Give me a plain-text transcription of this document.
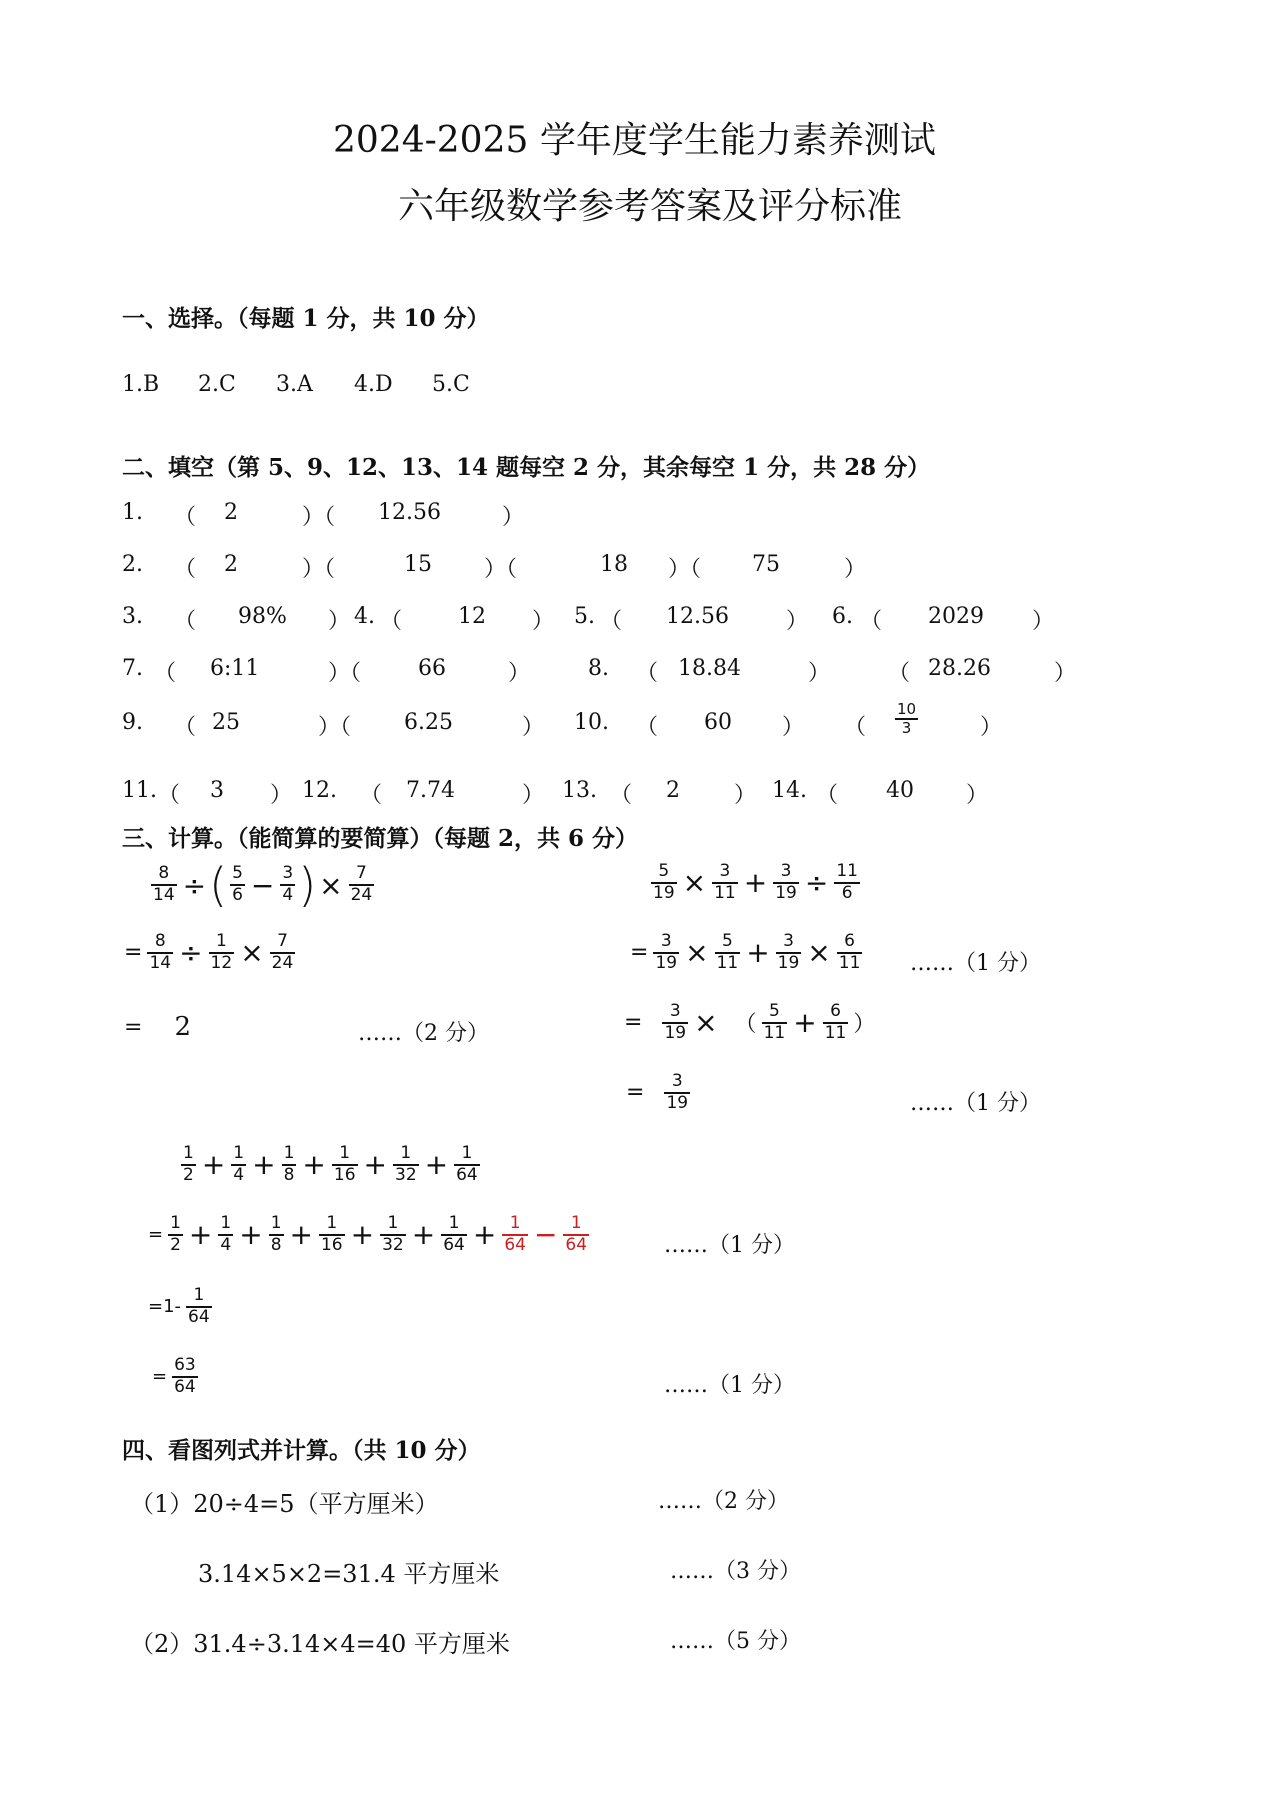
2024-2025 学年度学生能力素养测试
六年级数学参考答案及评分标准
一、选择。（每题 1 分，共 10 分）
1.B 2.C 3.A 4.D 5.C
二、填空（第 5、9、12、13、14 题每空 2 分，其余每空 1 分，共 28 分）
1. （ 2	）（ 12.56	）
2. （ 2	）（	15 ）（	18 ）（ 75	）
3. （ 98% ） 4. （	12 ） 5. （ 12.56	） 6. （ 2029 ）
7. （ 6:11	）（	66	）	8. （ 18.84	）	（ 28.26	）
9. （ 25	）（ 6.25	） 10. （ 60 ） （ $\frac{10}{3}$	）
11. （ 3 ） 12. （ 7.74	） 13. （ 2 ） 14. （ 40 ）
三、计算。（能简算的要简算）（每题 2，共 6 分）
$\frac{8}{14}$ ÷ ( $\frac{5}{6} - \frac{3}{4}$ ) × $\frac{7}{24}$
= $\frac{8}{14} \div \frac{1}{12} \times \frac{7}{24}$
= 2	……（2 分）
$\frac{5}{19} \times \frac{3}{11} + \frac{3}{19} \div \frac{11}{6}$
= $\frac{3}{19} \times \frac{5}{11} + \frac{3}{19} \times \frac{6}{11}$ ……（1 分）
= $\frac{3}{19}$ × （ $\frac{5}{11} + \frac{6}{11}$ ）
= $\frac{3}{19}$	……（1 分）
$\frac{1}{2} + \frac{1}{4} + \frac{1}{8} + \frac{1}{16} + \frac{1}{32} + \frac{1}{64}$
= $\frac{1}{2} + \frac{1}{4} + \frac{1}{8} + \frac{1}{16} + \frac{1}{32} + \frac{1}{64} + \frac{1}{64} - \frac{1}{64}$	……（1 分）
$=1- \frac{1}{64}$
= $\frac{63}{64}$	……（1 分）
四、看图列式并计算。（共 10 分）
（1）20÷4=5（平方厘米）	……（2 分）
3.14×5×2=31.4 平方厘米	……（3 分）
（2）31.4÷3.14×4=40 平方厘米	……（5 分）
